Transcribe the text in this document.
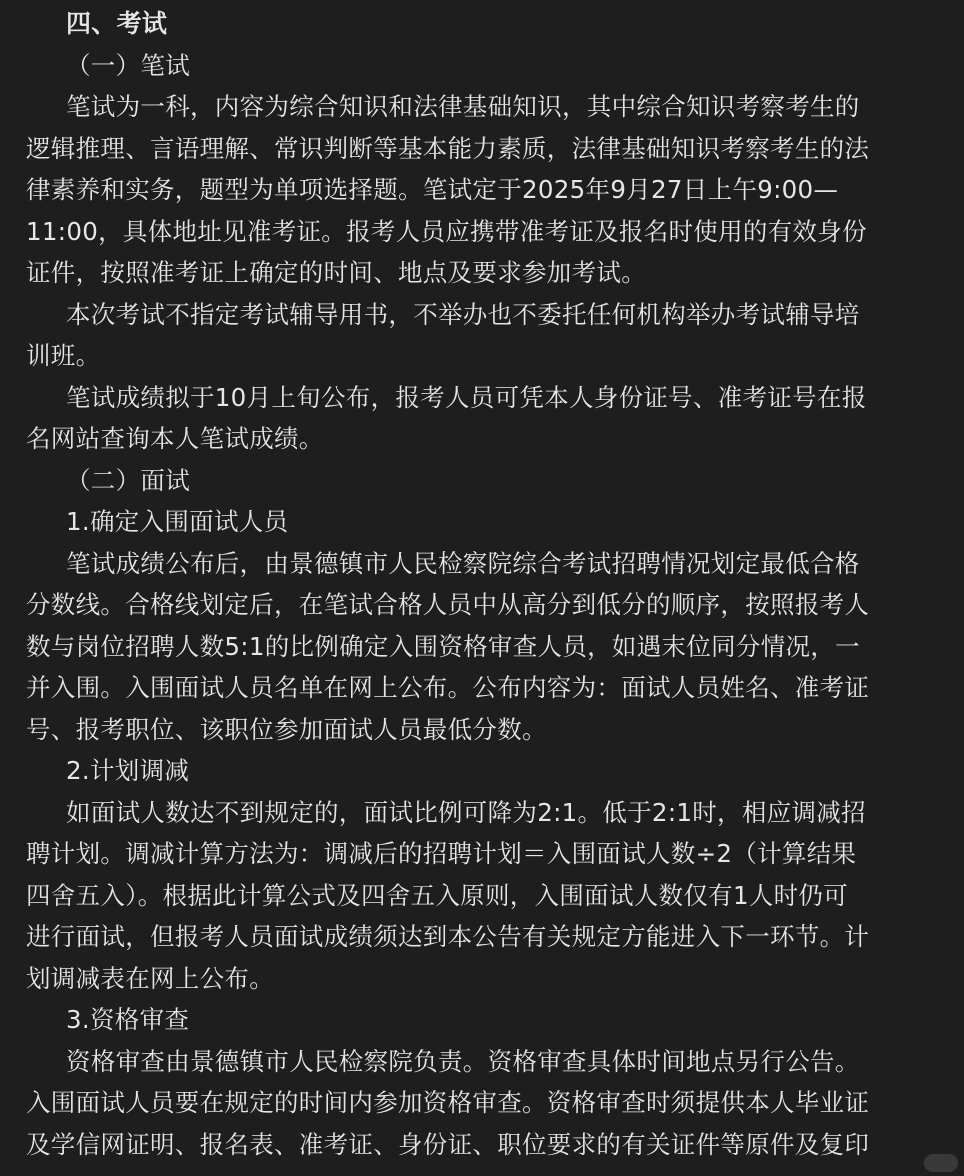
四、考试
（一）笔试
笔试为一科，内容为综合知识和法律基础知识，其中综合知识考察考生的
逻辑推理、言语理解、常识判断等基本能力素质，法律基础知识考察考生的法
律素养和实务，题型为单项选择题。笔试定于2025年9月27日上午9:00—
11:00，具体地址见准考证。报考人员应携带准考证及报名时使用的有效身份
证件，按照准考证上确定的时间、地点及要求参加考试。
本次考试不指定考试辅导用书，不举办也不委托任何机构举办考试辅导培
训班。
笔试成绩拟于10月上旬公布，报考人员可凭本人身份证号、准考证号在报
名网站查询本人笔试成绩。
（二）面试
1.确定入围面试人员
笔试成绩公布后，由景德镇市人民检察院综合考试招聘情况划定最低合格
分数线。合格线划定后，在笔试合格人员中从高分到低分的顺序，按照报考人
数与岗位招聘人数5:1的比例确定入围资格审查人员，如遇末位同分情况，一
并入围。入围面试人员名单在网上公布。公布内容为：面试人员姓名、准考证
号、报考职位、该职位参加面试人员最低分数。
2.计划调减
如面试人数达不到规定的，面试比例可降为2:1。低于2:1时，相应调减招
聘计划。调减计算方法为：调减后的招聘计划＝入围面试人数÷2（计算结果
四舍五入）。根据此计算公式及四舍五入原则，入围面试人数仅有1人时仍可
进行面试，但报考人员面试成绩须达到本公告有关规定方能进入下一环节。计
划调减表在网上公布。
3.资格审查
资格审查由景德镇市人民检察院负责。资格审查具体时间地点另行公告。
入围面试人员要在规定的时间内参加资格审查。资格审查时须提供本人毕业证
及学信网证明、报名表、准考证、身份证、职位要求的有关证件等原件及复印
